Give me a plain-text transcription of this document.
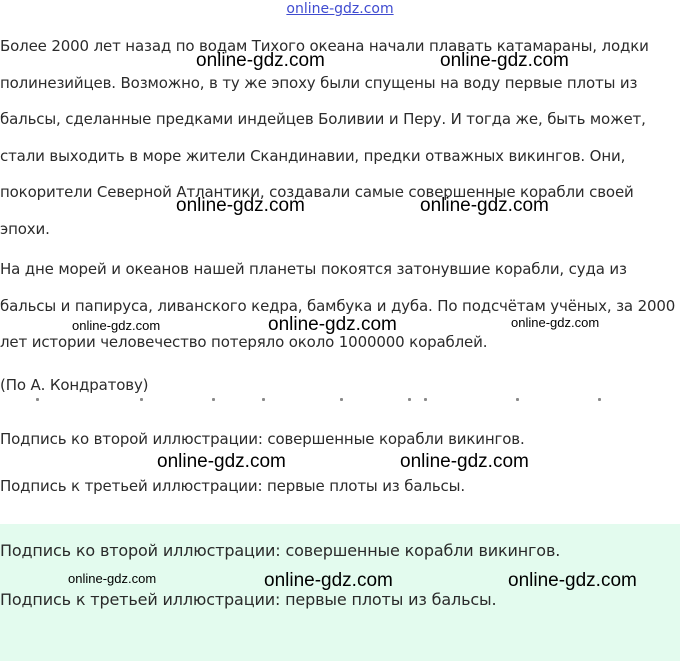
online-gdz.com

Более 2000 лет назад по водам Тихого океана начали плавать катамараны, лодки полинезийцев. Возможно, в ту же эпоху были спущены на воду первые плоты из бальсы, сделанные предками индейцев Боливии и Перу. И тогда же, быть может, стали выходить в море жители Скандинавии, предки отважных викингов. Они, покорители Северной Атлантики, создавали самые совершенные корабли своей эпохи.

На дне морей и океанов нашей планеты покоятся затонувшие корабли, суда из бальсы и папируса, ливанского кедра, бамбука и дуба. По подсчётам учёных, за 2000 лет истории человечество потеряло около 1000000 кораблей.

(По А. Кондратову)

Подпись ко второй иллюстрации: совершенные корабли викингов.

Подпись к третьей иллюстрации: первые плоты из бальсы.

Подпись ко второй иллюстрации: совершенные корабли викингов.

Подпись к третьей иллюстрации: первые плоты из бальсы.

online-gdz.com	online-gdz.com
online-gdz.com	online-gdz.com
online-gdz.com	online-gdz.com	online-gdz.com
online-gdz.com	online-gdz.com
online-gdz.com	online-gdz.com	online-gdz.com
